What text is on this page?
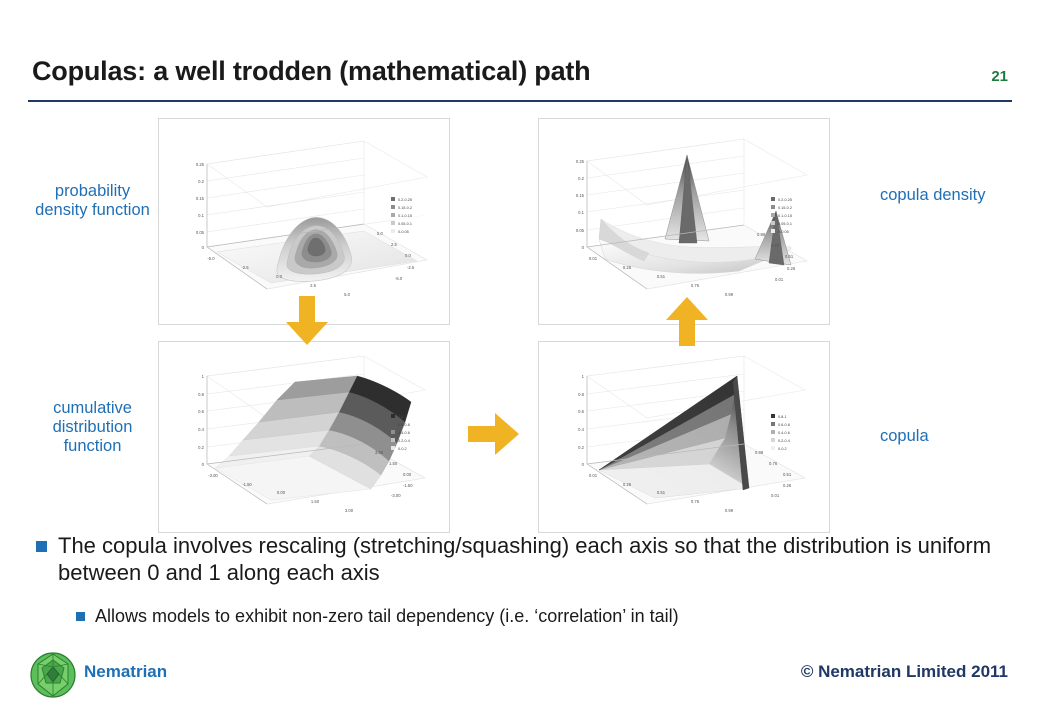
Copulas: a well trodden (mathematical) path	21
0.25
0.2
0.15
0.1
0.05
0
-5.0
-2.5
0.0
2.5
5.0
5.0
2.5
0.0
-2.5
-5.0
0.2-0.25
0.15-0.2
0.1-0.15
0.05-0.1
0-0.05
0.25
0.2
0.15
0.1
0.05
0
0.01
0.26
0.51
0.76
0.99
0.99
0.76
0.51
0.26
0.01
0.2-0.25
0.15-0.2
0.1-0.15
0.05-0.1
0-0.05
1
0.8
0.6
0.4
0.2
0
-3.00
-1.50
0.00
1.50
3.00
3.00
1.50
0.00
-1.50
-3.00
0.8-1
0.6-0.8
0.4-0.6
0.2-0.4
0-0.2
1
0.8
0.6
0.4
0.2
0
0.01
0.26
0.51
0.76
0.99
0.99
0.76
0.51
0.26
0.01
0.8-1
0.6-0.8
0.4-0.6
0.2-0.4
0-0.2
probability density function
cumulative distribution function
copula density
copula
The copula involves rescaling (stretching/squashing) each axis so that the distribution is uniform between 0 and 1 along each axis
Allows models to exhibit non-zero tail dependency (i.e. ‘correlation’ in tail)
Nematrian	© Nematrian Limited 2011
